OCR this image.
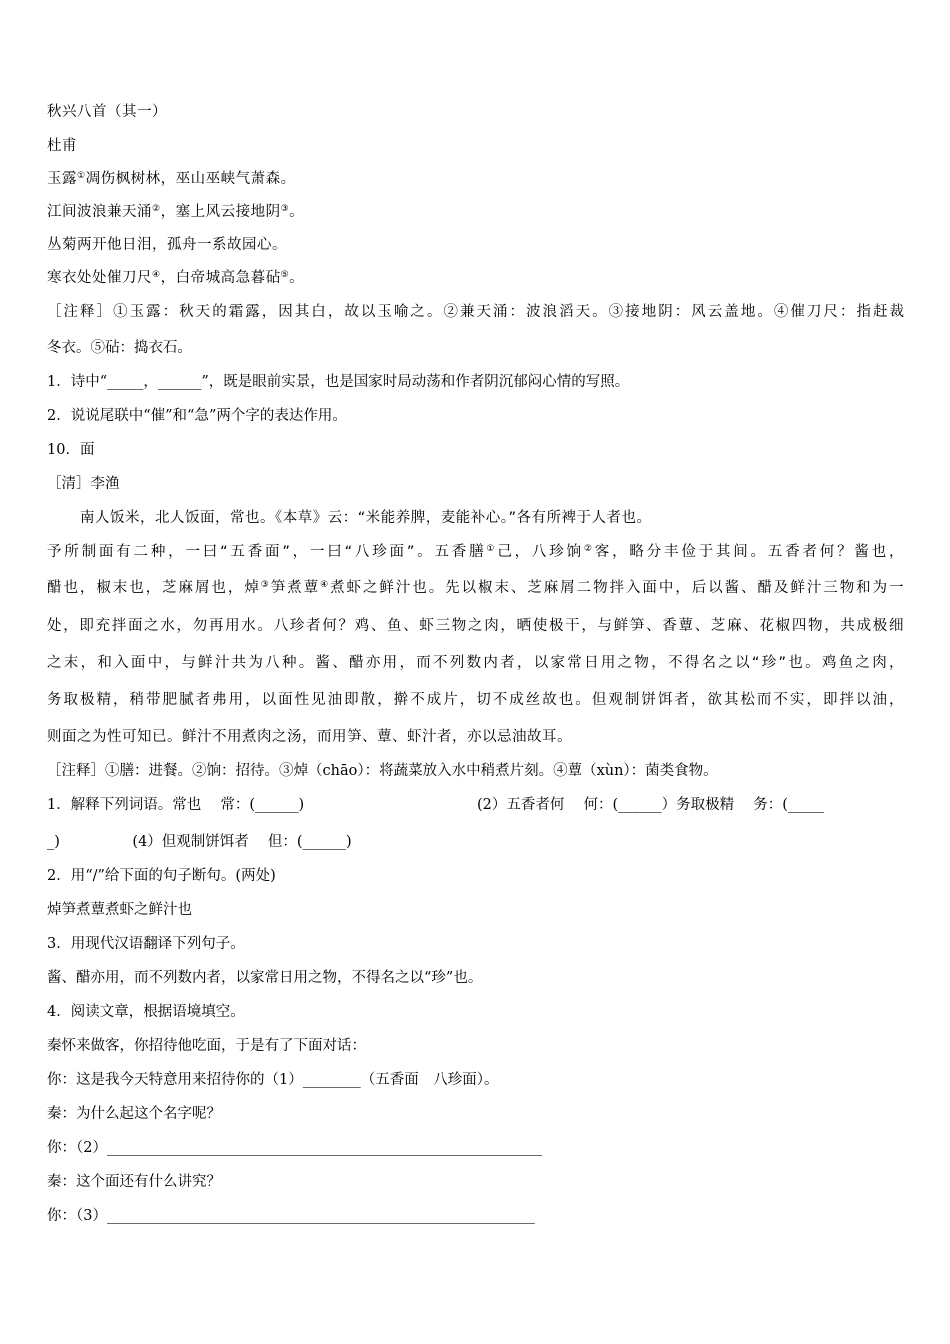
秋兴八首（其一）
杜甫
玉露①凋伤枫树林，巫山巫峡气萧森。
江间波浪兼天涌②，塞上风云接地阴③。
丛菊两开他日泪，孤舟一系故园心。
寒衣处处催刀尺④，白帝城高急暮砧⑤。
［注释］①玉露：秋天的霜露，因其白，故以玉喻之。②兼天涌：波浪滔天。③接地阴：风云盖地。④催刀尺：指赶裁
冬衣。⑤砧：捣衣石。
1．诗中“_____，______”，既是眼前实景，也是国家时局动荡和作者阴沉郁闷心情的写照。
2．说说尾联中“催”和“急”两个字的表达作用。
10．面
［清］李渔
南人饭米，北人饭面，常也。《本草》云：“米能养脾，麦能补心。”各有所裨于人者也。
予所制面有二种，一曰“五香面”，一曰“八珍面”。五香膳①己，八珍饷②客，略分丰俭于其间。五香者何？酱也，
醋也，椒末也，芝麻屑也，焯③笋煮蕈④煮虾之鲜汁也。先以椒末、芝麻屑二物拌入面中，后以酱、醋及鲜汁三物和为一
处，即充拌面之水，勿再用水。八珍者何？鸡、鱼、虾三物之肉，晒使极干，与鲜笋、香蕈、芝麻、花椒四物，共成极细
之末，和入面中，与鲜汁共为八种。酱、醋亦用，而不列数内者，以家常日用之物，不得名之以“珍”也。鸡鱼之肉，
务取极精，稍带肥腻者弗用，以面性见油即散，擀不成片，切不成丝故也。但观制饼饵者，欲其松而不实，即拌以油，
则面之为性可知已。鲜汁不用煮肉之汤，而用笋、蕈、虾汁者，亦以忌油故耳。
［注释］①膳：进餐。②饷：招待。③焯（chāo）：将蔬菜放入水中稍煮片刻。④蕈（xùn）：菌类食物。
1．解释下列词语。常也　 常：(______)	(2）五香者何　 何：(______）务取极精　 务：(_____
_)　　　　　(4）但观制饼饵者　 但：(______)
2．用“/”给下面的句子断句。(两处)
焯笋煮蕈煮虾之鲜汁也
3．用现代汉语翻译下列句子。
酱、醋亦用，而不列数内者，以家常日用之物，不得名之以“珍”也。
4．阅读文章，根据语境填空。
秦怀来做客，你招待他吃面，于是有了下面对话：
你：这是我今天特意用来招待你的（1）________（五香面　八珍面）。
秦：为什么起这个名字呢？
你：（2）____________________________________________________________
秦：这个面还有什么讲究？
你：（3）___________________________________________________________
